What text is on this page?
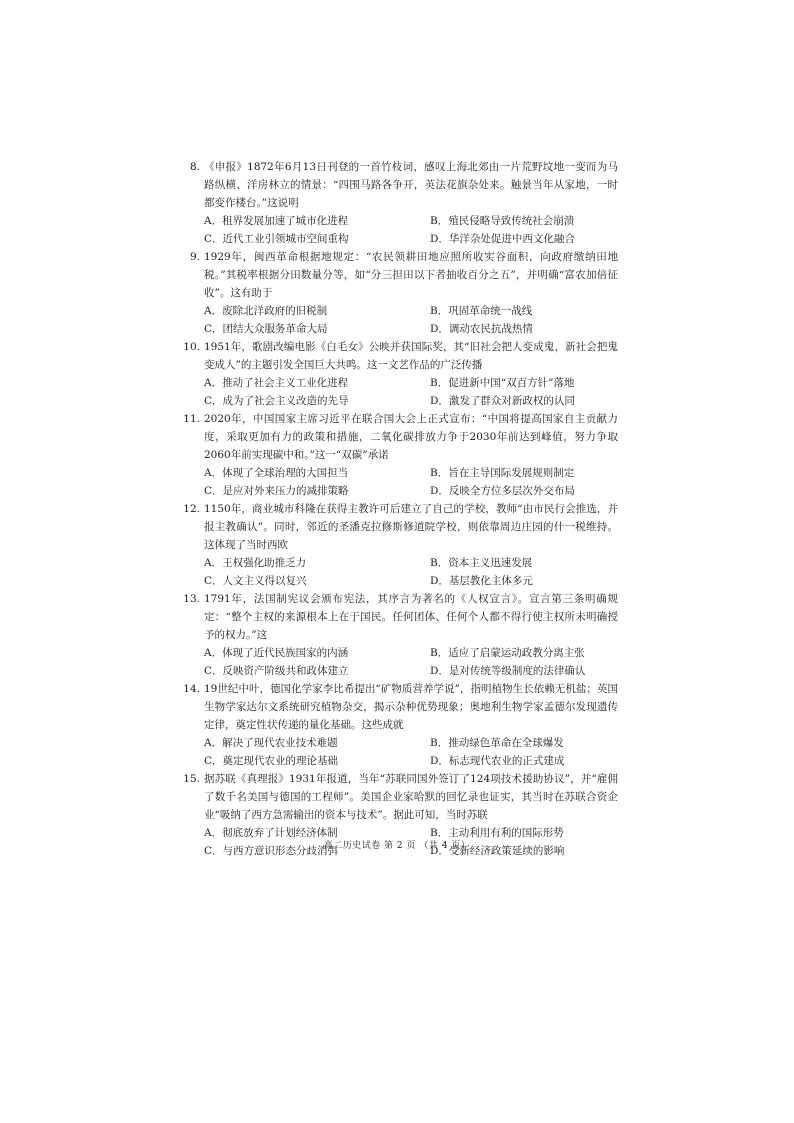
8. 《申报》1872年6月13日刊登的一首竹枝词，感叹上海北郊由一片荒野坟地一变而为马路纵横、洋房林立的情景：“四围马路各争开，英法花旗杂处来。触景当年从家地，一时都变作楼台。”这说明
A．租界发展加速了城市化进程	B．殖民侵略导致传统社会崩溃
C．近代工业引领城市空间重构	D．华洋杂处促进中西文化融合
9. 1929年，闽西革命根据地规定：“农民领耕田地应照所收实谷面积，向政府缴纳田地税。”其税率根据分田数量分等，如“分三担田以下者抽收百分之五”，并明确“富农加倍征收”。这有助于
A．废除北洋政府的旧税制	B．巩固革命统一战线
C．团结大众服务革命大局	D．调动农民抗战热情
10. 1951年，歌剧改编电影《白毛女》公映并获国际奖，其“旧社会把人变成鬼，新社会把鬼变成人”的主题引发全国巨大共鸣。这一文艺作品的广泛传播
A．推动了社会主义工业化进程	B．促进新中国“双百方针”落地
C．成为了社会主义改造的先导	D．激发了群众对新政权的认同
11. 2020年，中国国家主席习近平在联合国大会上正式宣布：“中国将提高国家自主贡献力度，采取更加有力的政策和措施，二氧化碳排放力争于2030年前达到峰值，努力争取2060年前实现碳中和。”这一“双碳”承诺
A．体现了全球治理的大国担当	B．旨在主导国际发展规则制定
C．是应对外来压力的减排策略	D．反映全方位多层次外交布局
12. 1150年，商业城市科隆在获得主教许可后建立了自己的学校，教师“由市民行会推选，并报主教确认”。同时，邻近的圣潘克拉修斯修道院学校，则依靠周边庄园的什一税维持。这体现了当时西欧
A．王权强化助推乏力	B．资本主义迅速发展
C．人文主义得以复兴	D．基层教化主体多元
13. 1791年，法国制宪议会颁布宪法，其序言为著名的《人权宣言》。宣言第三条明确规定：“整个主权的来源根本上在于国民。任何团体、任何个人都不得行使主权所未明确授予的权力。”这
A．体现了近代民族国家的内涵	B．适应了启蒙运动政教分离主张
C．反映资产阶级共和政体建立	D．是对传统等级制度的法律确认
14. 19世纪中叶，德国化学家李比希提出“矿物质营养学说”，指明植物生长依赖无机盐；英国生物学家达尔文系统研究植物杂交，揭示杂种优势现象；奥地利生物学家孟德尔发现遗传定律，奠定性状传递的量化基础。这些成就
A．解决了现代农业技术难题	B．推动绿色革命在全球爆发
C．奠定现代农业的理论基础	D．标志现代农业的正式建成
15. 据苏联《真理报》1931年报道，当年“苏联同国外签订了124项技术援助协议”，并“雇佣了数千名美国与德国的工程师”。美国企业家哈默的回忆录也证实，其当时在苏联合资企业“吸纳了西方急需输出的资本与技术”。据此可知，当时苏联
A．彻底放弃了计划经济体制	B．主动利用有利的国际形势
C．与西方意识形态分歧消弭	D．受新经济政策延续的影响
高二历史试卷 第 2 页 （共 4 页）
